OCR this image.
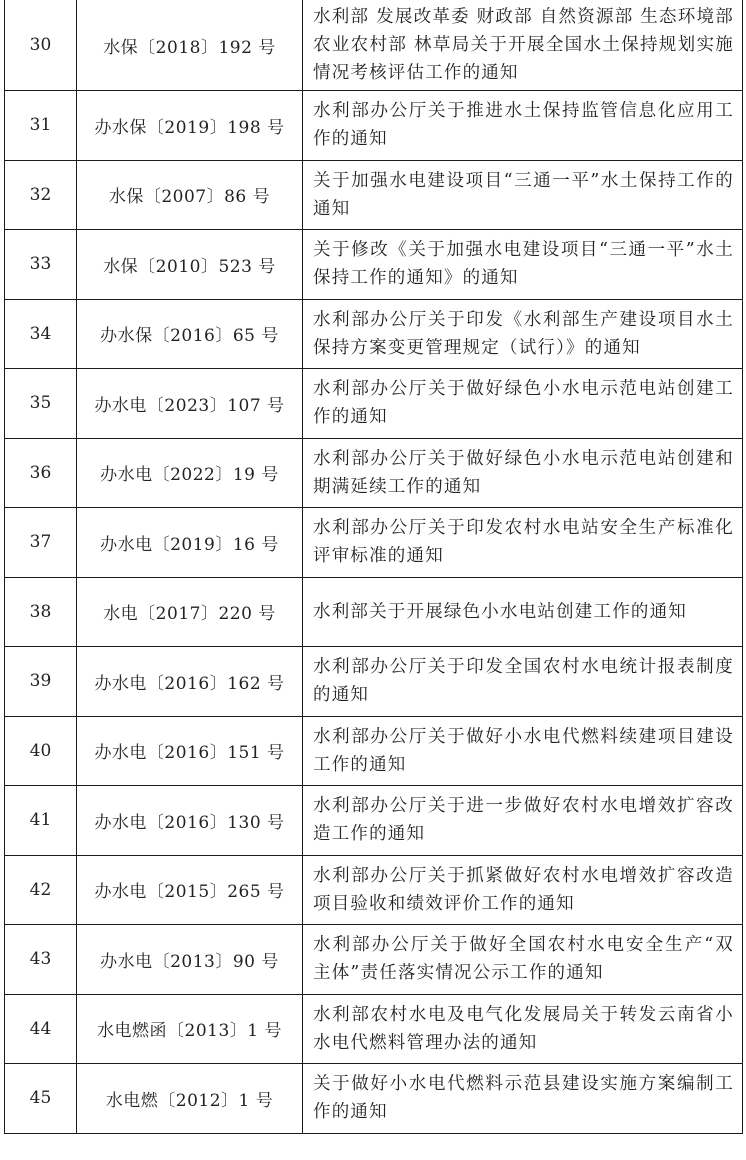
30	水保〔2018〕192 号	水利部 发展改革委 财政部 自然资源部 生态环境部 农业农村部 林草局关于开展全国水土保持规划实施情况考核评估工作的通知
31	办水保〔2019〕198 号	水利部办公厅关于推进水土保持监管信息化应用工作的通知
32	水保〔2007〕86 号	关于加强水电建设项目“三通一平”水土保持工作的通知
33	水保〔2010〕523 号	关于修改《关于加强水电建设项目“三通一平”水土保持工作的通知》的通知
34	办水保〔2016〕65 号	水利部办公厅关于印发《水利部生产建设项目水土保持方案变更管理规定（试行）》的通知
35	办水电〔2023〕107 号	水利部办公厅关于做好绿色小水电示范电站创建工作的通知
36	办水电〔2022〕19 号	水利部办公厅关于做好绿色小水电示范电站创建和期满延续工作的通知
37	办水电〔2019〕16 号	水利部办公厅关于印发农村水电站安全生产标准化评审标准的通知
38	水电〔2017〕220 号	水利部关于开展绿色小水电站创建工作的通知
39	办水电〔2016〕162 号	水利部办公厅关于印发全国农村水电统计报表制度的通知
40	办水电〔2016〕151 号	水利部办公厅关于做好小水电代燃料续建项目建设工作的通知
41	办水电〔2016〕130 号	水利部办公厅关于进一步做好农村水电增效扩容改造工作的通知
42	办水电〔2015〕265 号	水利部办公厅关于抓紧做好农村水电增效扩容改造项目验收和绩效评价工作的通知
43	办水电〔2013〕90 号	水利部办公厅关于做好全国农村水电安全生产“双主体”责任落实情况公示工作的通知
44	水电燃函〔2013〕1 号	水利部农村水电及电气化发展局关于转发云南省小水电代燃料管理办法的通知
45	水电燃〔2012〕1 号	关于做好小水电代燃料示范县建设实施方案编制工作的通知
